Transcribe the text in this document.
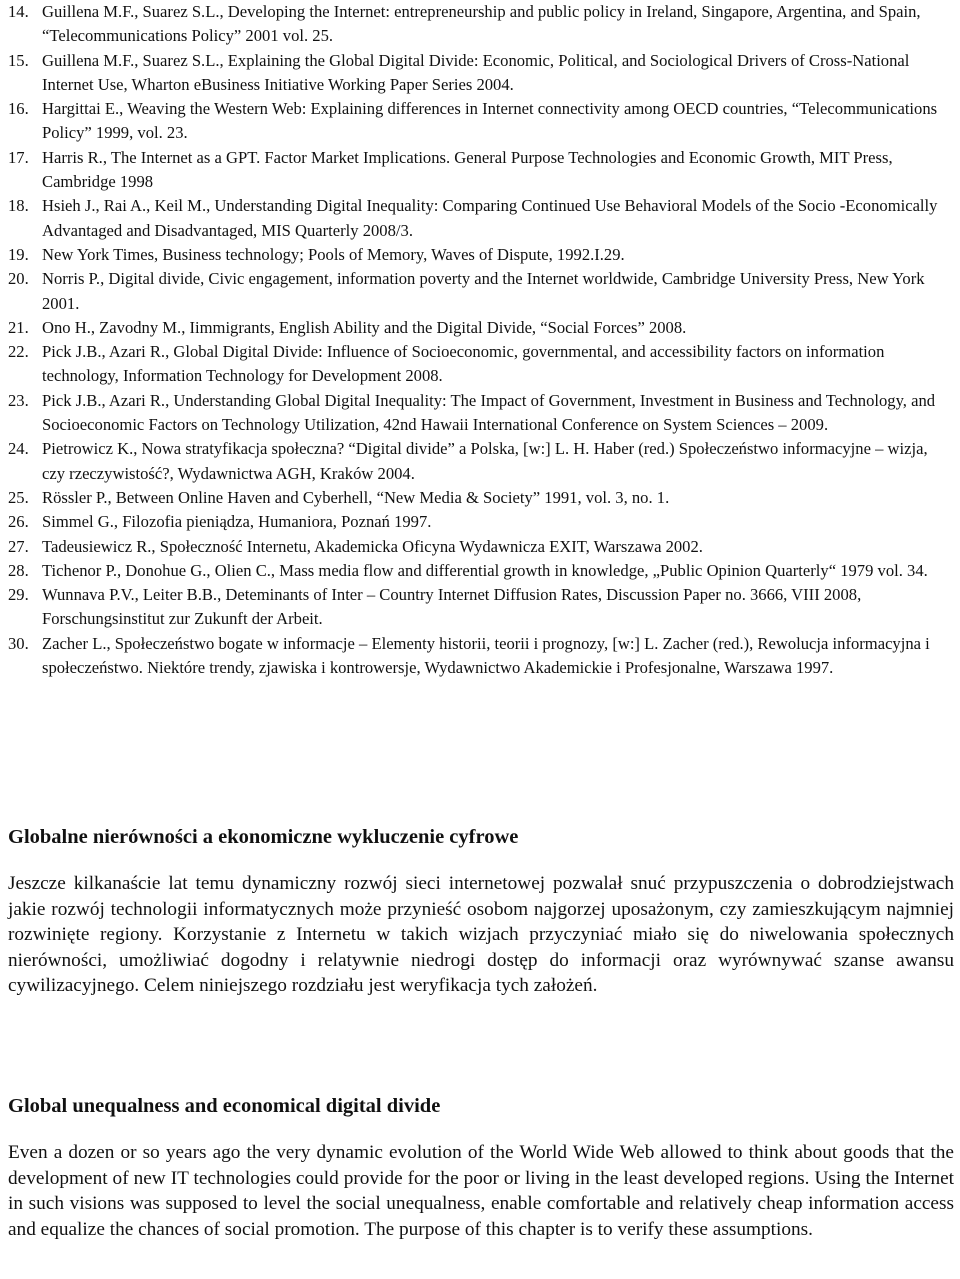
14. Guillena M.F., Suarez S.L., Developing the Internet: entrepreneurship and public policy in Ireland, Singapore, Argentina, and Spain, “Telecommunications Policy” 2001 vol. 25.
15. Guillena M.F., Suarez S.L., Explaining the Global Digital Divide: Economic, Political, and Sociological Drivers of Cross-National Internet Use, Wharton eBusiness Initiative Working Paper Series 2004.
16. Hargittai E., Weaving the Western Web: Explaining differences in Internet connectivity among OECD countries, “Telecommunications Policy” 1999, vol. 23.
17. Harris R., The Internet as a GPT. Factor Market Implications. General Purpose Technologies and Economic Growth, MIT Press, Cambridge 1998
18. Hsieh J., Rai A., Keil M., Understanding Digital Inequality: Comparing Continued Use Behavioral Models of the Socio -Economically Advantaged and Disadvantaged, MIS Quarterly 2008/3.
19. New York Times, Business technology; Pools of Memory, Waves of Dispute, 1992.I.29.
20. Norris P., Digital divide, Civic engagement, information poverty and the Internet worldwide, Cambridge University Press, New York 2001.
21. Ono H., Zavodny M., Iimmigrants, English Ability and the Digital Divide, “Social Forces” 2008.
22. Pick J.B., Azari R., Global Digital Divide: Influence of Socioeconomic, governmental, and accessibility factors on information technology, Information Technology for Development 2008.
23. Pick J.B., Azari R., Understanding Global Digital Inequality: The Impact of Government, Investment in Business and Technology, and Socioeconomic Factors on Technology Utilization, 42nd Hawaii International Conference on System Sciences – 2009.
24. Pietrowicz K., Nowa stratyfikacja społeczna? “Digital divide” a Polska, [w:] L. H. Haber (red.) Społeczeństwo informacyjne – wizja, czy rzeczywistość?, Wydawnictwa AGH, Kraków 2004.
25. Rössler P., Between Online Haven and Cyberhell, “New Media & Society” 1991, vol. 3, no. 1.
26. Simmel G., Filozofia pieniądza, Humaniora, Poznań 1997.
27. Tadeusiewicz R., Społeczność Internetu, Akademicka Oficyna Wydawnicza EXIT, Warszawa 2002.
28. Tichenor P., Donohue G., Olien C., Mass media flow and differential growth in knowledge, „Public Opinion Quarterly“ 1979 vol. 34.
29. Wunnava P.V., Leiter B.B., Deteminants of Inter – Country Internet Diffusion Rates, Discussion Paper no. 3666, VIII 2008, Forschungsinstitut zur Zukunft der Arbeit.
30. Zacher L., Społeczeństwo bogate w informacje – Elementy historii, teorii i prognozy, [w:] L. Zacher (red.), Rewolucja informacyjna i społeczeństwo. Niektóre trendy, zjawiska i kontrowersje, Wydawnictwo Akademickie i Profesjonalne, Warszawa 1997.
Globalne nierówności a ekonomiczne wykluczenie cyfrowe

Jeszcze kilkanaście lat temu dynamiczny rozwój sieci internetowej pozwalał snuć przypuszczenia o dobrodziejstwach jakie rozwój technologii informatycznych może przynieść osobom najgorzej uposażonym, czy zamieszkującym najmniej rozwinięte regiony. Korzystanie z Internetu w takich wizjach przyczyniać miało się do niwelowania społecznych nierówności, umożliwiać dogodny i relatywnie niedrogi dostęp do informacji oraz wyrównywać szanse awansu cywilizacyjnego. Celem niniejszego rozdziału jest weryfikacja tych założeń.

Global unequalness and economical digital divide

Even a dozen or so years ago the very dynamic evolution of the World Wide Web allowed to think about goods that the development of new IT technologies could provide for the poor or living in the least developed regions. Using the Internet in such visions was supposed to level the social unequalness, enable comfortable and relatively cheap information access and equalize the chances of social promotion. The purpose of this chapter is to verify these assumptions.
